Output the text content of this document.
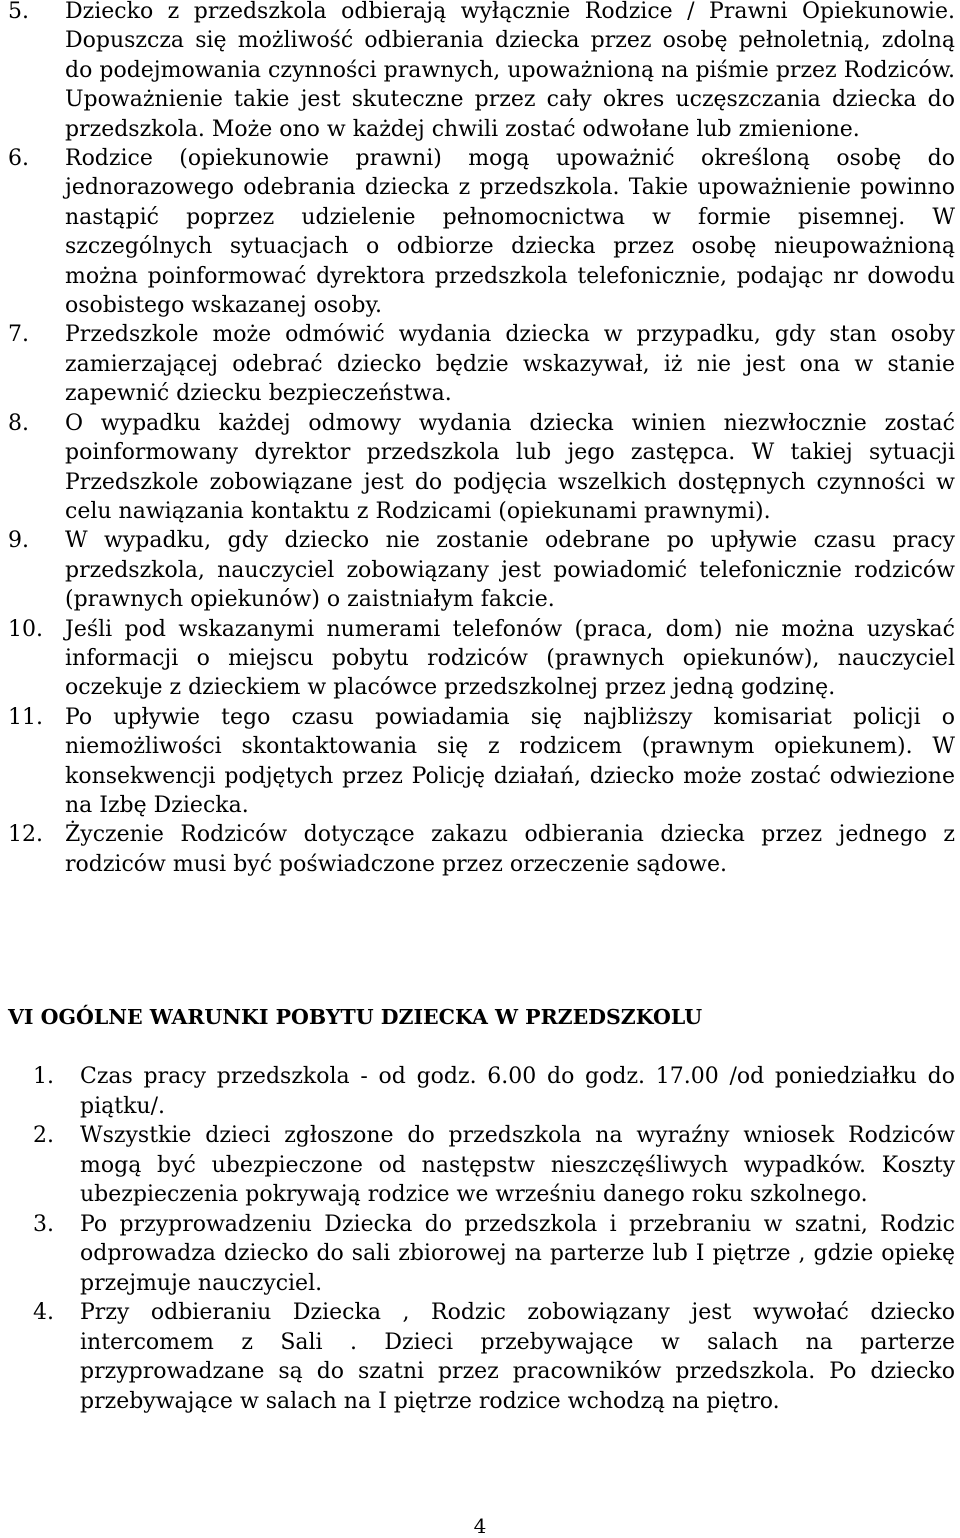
5.	Dziecko z przedszkola odbierają wyłącznie Rodzice / Prawni Opiekunowie. Dopuszcza się możliwość odbierania dziecka przez osobę pełnoletnią, zdolną do podejmowania czynności prawnych, upoważnioną na piśmie przez Rodziców. Upoważnienie takie jest skuteczne przez cały okres uczęszczania dziecka do przedszkola. Może ono w każdej chwili zostać odwołane lub zmienione.

6.	Rodzice (opiekunowie prawni) mogą upoważnić określoną osobę do jednorazowego odebrania dziecka z przedszkola. Takie upoważnienie powinno nastąpić poprzez udzielenie pełnomocnictwa w formie pisemnej. W szczególnych sytuacjach o odbiorze dziecka przez osobę nieupoważnioną można poinformować dyrektora przedszkola telefonicznie, podając nr dowodu osobistego wskazanej osoby.

7.	Przedszkole może odmówić wydania dziecka w przypadku, gdy stan osoby zamierzającej odebrać dziecko będzie wskazywał, iż nie jest ona w stanie zapewnić dziecku bezpieczeństwa.

8.	O wypadku każdej odmowy wydania dziecka winien niezwłocznie zostać poinformowany dyrektor przedszkola lub jego zastępca. W takiej sytuacji Przedszkole zobowiązane jest do podjęcia wszelkich dostępnych czynności w celu nawiązania kontaktu z Rodzicami (opiekunami prawnymi).

9.	W wypadku, gdy dziecko nie zostanie odebrane po upływie czasu pracy przedszkola, nauczyciel zobowiązany jest powiadomić telefonicznie rodziców (prawnych opiekunów) o zaistniałym fakcie.

10.	Jeśli pod wskazanymi numerami telefonów (praca, dom) nie można uzyskać informacji o miejscu pobytu rodziców (prawnych opiekunów), nauczyciel oczekuje z dzieckiem w placówce przedszkolnej przez jedną godzinę.

11.	Po upływie tego czasu powiadamia się najbliższy komisariat policji o niemożliwości skontaktowania się z rodzicem (prawnym opiekunem). W konsekwencji podjętych przez Policję działań, dziecko może zostać odwiezione na Izbę Dziecka.

12.	Życzenie Rodziców dotyczące zakazu odbierania dziecka przez jednego z rodziców musi być poświadczone przez orzeczenie sądowe.

VI OGÓLNE WARUNKI POBYTU DZIECKA W PRZEDSZKOLU
1.	Czas pracy przedszkola - od godz. 6.00 do godz. 17.00 /od poniedziałku do piątku/.

2.	Wszystkie dzieci zgłoszone do przedszkola na wyraźny wniosek Rodziców mogą być ubezpieczone od następstw nieszczęśliwych wypadków. Koszty ubezpieczenia pokrywają rodzice we wrześniu danego roku szkolnego.

3.	Po przyprowadzeniu Dziecka do przedszkola i przebraniu w szatni, Rodzic odprowadza dziecko do sali zbiorowej na parterze lub I piętrze , gdzie opiekę przejmuje nauczyciel.

4.	Przy odbieraniu Dziecka , Rodzic zobowiązany jest wywołać dziecko intercomem z Sali . Dzieci przebywające w salach na parterze przyprowadzane są do szatni przez pracowników przedszkola. Po dziecko przebywające w salach na I piętrze rodzice wchodzą na piętro.

4
